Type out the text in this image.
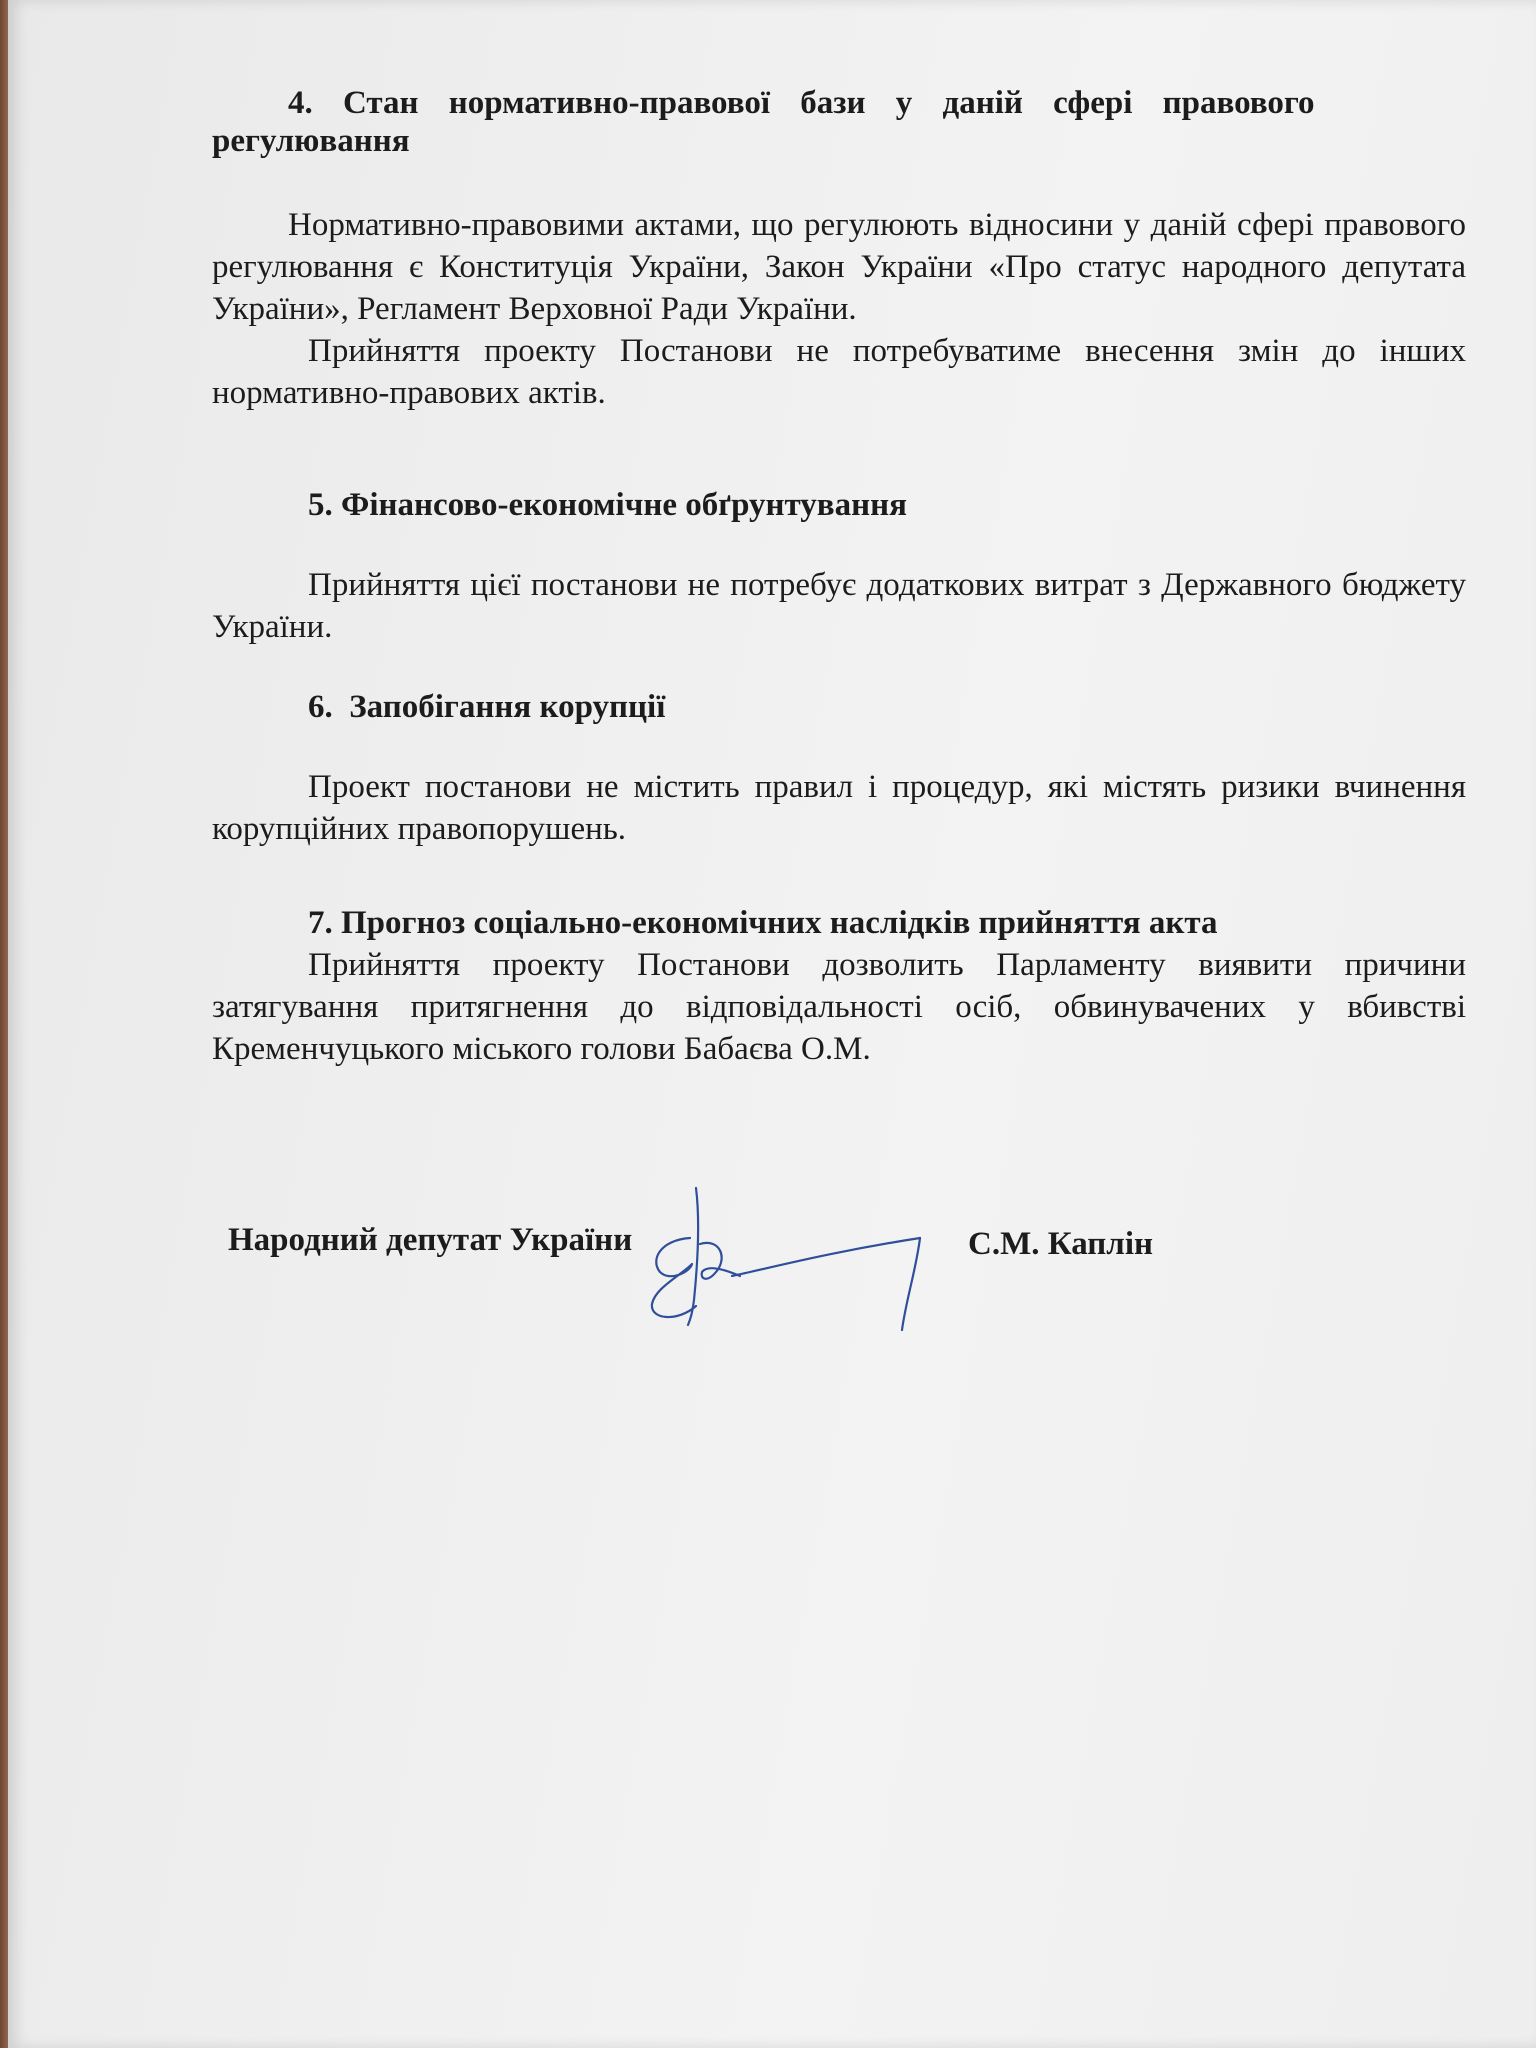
4. Стан нормативно-правової бази у даній сфері правового

регулювання

Нормативно-правовими актами, що регулюють відносини у даній сфері правового регулювання є Конституція України, Закон України «Про статус народного депутата України», Регламент Верховної Ради України.

Прийняття проекту Постанови не потребуватиме внесення змін до інших нормативно-правових актів.

5. Фінансово-економічне обґрунтування

Прийняття цієї постанови не потребує додаткових витрат з Державного бюджету України.

6.  Запобігання корупції

Проект постанови не містить правил і процедур, які містять ризики вчинення корупційних правопорушень.

7. Прогноз соціально-економічних наслідків прийняття акта

Прийняття проекту Постанови дозволить Парламенту виявити причини затягування притягнення до відповідальності осіб, обвинувачених у вбивстві Кременчуцького міського голови Бабаєва О.М.

Народний депутат України	С.М. Каплін
